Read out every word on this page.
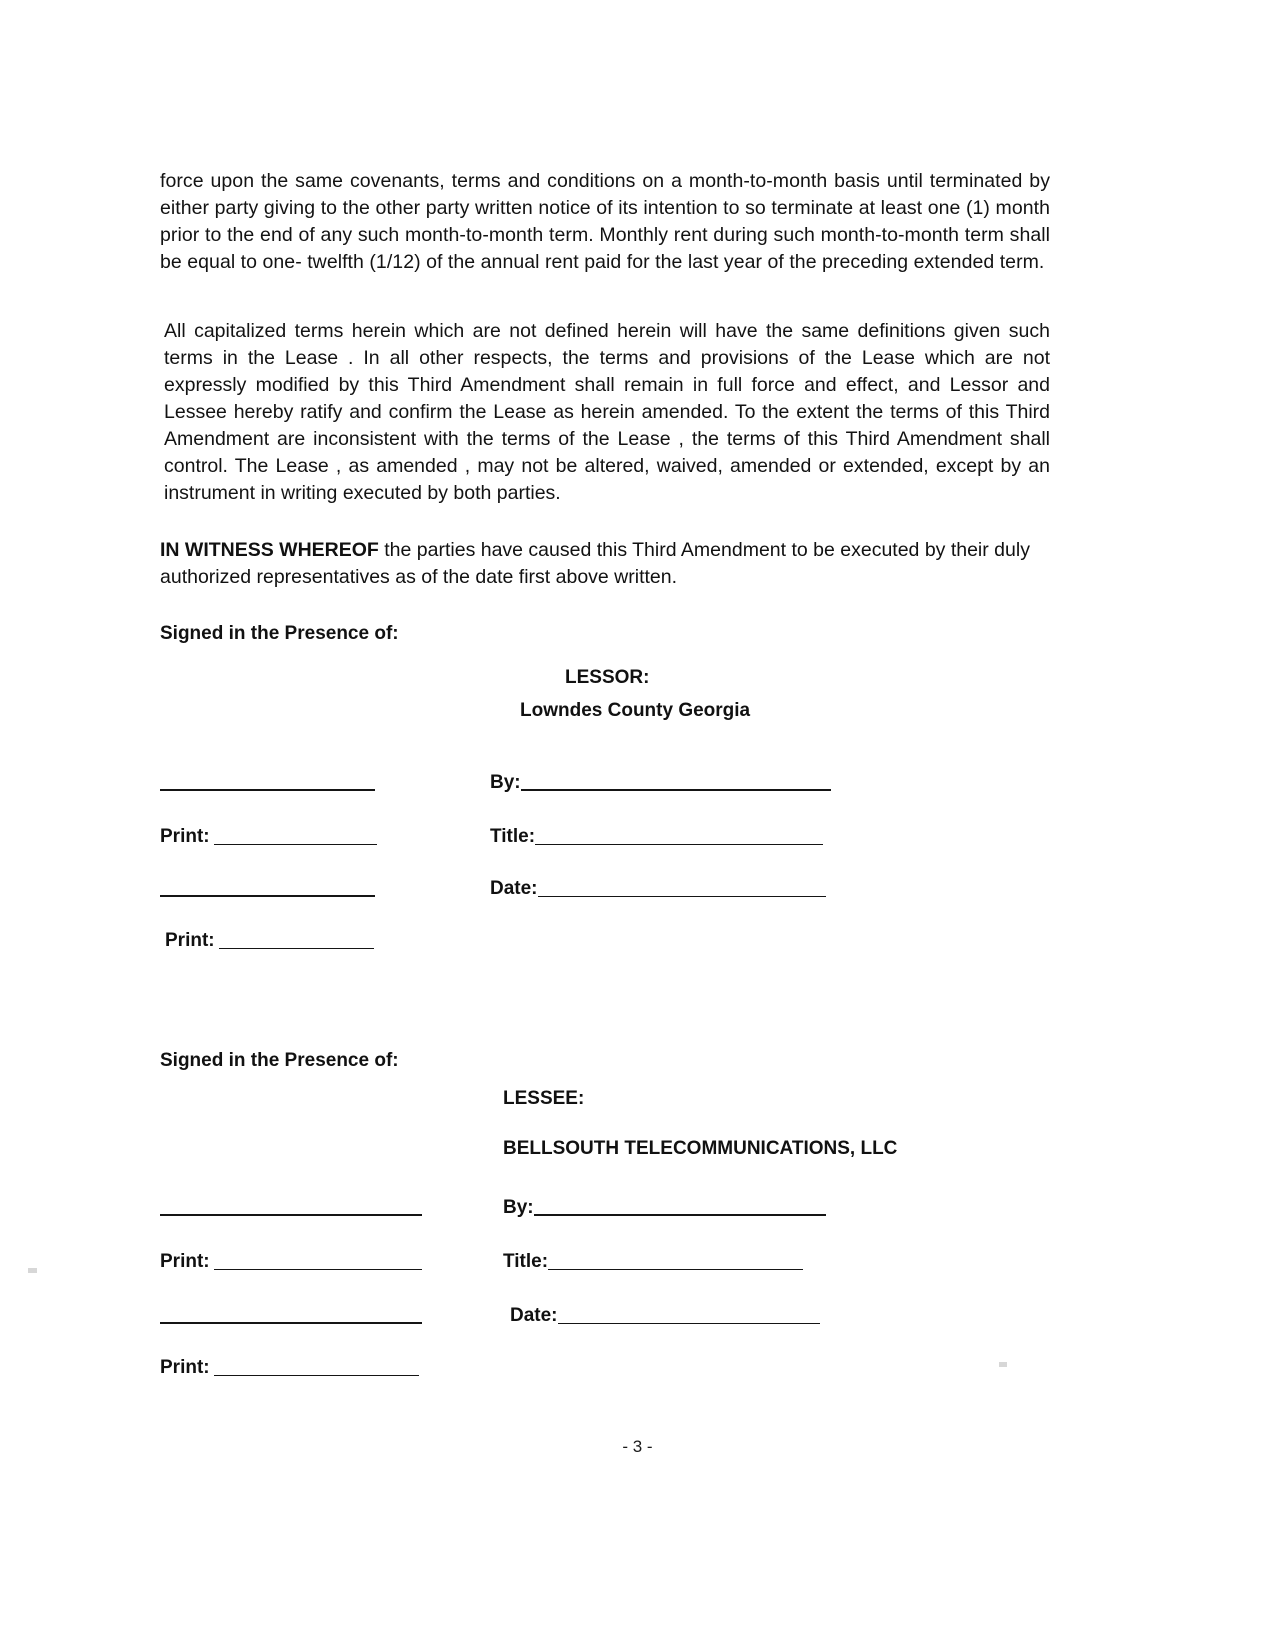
force upon the same covenants, terms and conditions on a month-to-month basis until terminated by either party giving to the other party written notice of its intention to so terminate at least one (1) month prior to the end of any such month-to-month term. Monthly rent during such month-to-month term shall be equal to one- twelfth (1/12) of the annual rent paid for the last year of the preceding extended term.

All capitalized terms herein which are not defined herein will have the same definitions given such terms in the Lease . In all other respects, the terms and provisions of the Lease which are not expressly modified by this Third Amendment shall remain in full force and effect, and Lessor and Lessee hereby ratify and confirm the Lease as herein amended. To the extent the terms of this Third Amendment are inconsistent with the terms of the Lease , the terms of this Third Amendment shall control. The Lease , as amended , may not be altered, waived, amended or extended, except by an instrument in writing executed by both parties.

IN WITNESS WHEREOF the parties have caused this Third Amendment to be executed by their duly authorized representatives as of the date first above written.

Signed in the Presence of:
LESSOR:
Lowndes County Georgia
By:
Print:	Title:
Date:
Print:
Signed in the Presence of:
LESSEE:
BELLSOUTH TELECOMMUNICATIONS, LLC
By:
Print:	Title:
Date:
Print:
- 3 -
